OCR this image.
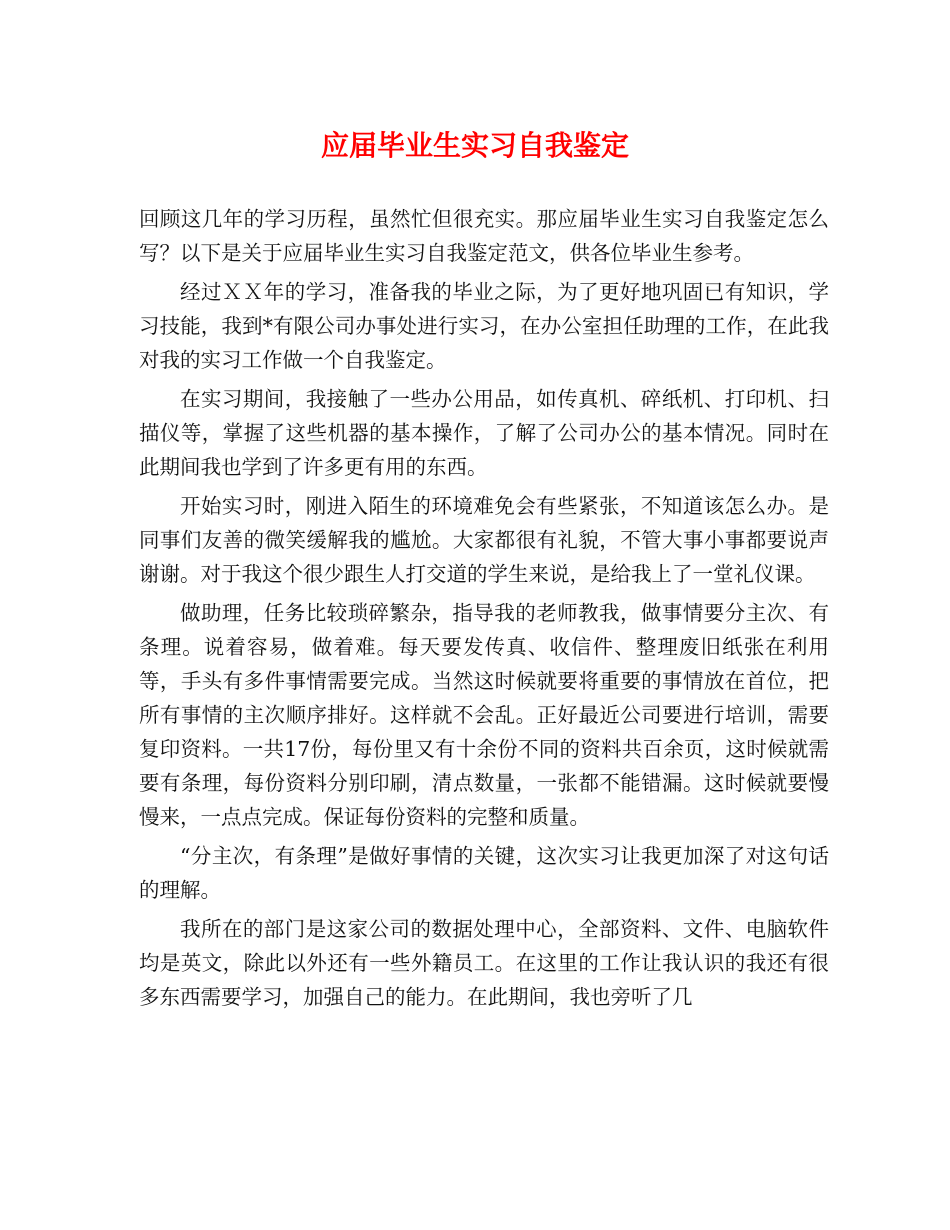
应届毕业生实习自我鉴定

回顾这几年的学习历程，虽然忙但很充实。那应届毕业生实习自我鉴定怎么写？以下是关于应届毕业生实习自我鉴定范文，供各位毕业生参考。

经过ＸＸ年的学习，准备我的毕业之际，为了更好地巩固已有知识，学习技能，我到*有限公司办事处进行实习，在办公室担任助理的工作，在此我对我的实习工作做一个自我鉴定。

在实习期间，我接触了一些办公用品，如传真机、碎纸机、打印机、扫描仪等，掌握了这些机器的基本操作，了解了公司办公的基本情况。同时在此期间我也学到了许多更有用的东西。

开始实习时，刚进入陌生的环境难免会有些紧张，不知道该怎么办。是同事们友善的微笑缓解我的尴尬。大家都很有礼貌，不管大事小事都要说声谢谢。对于我这个很少跟生人打交道的学生来说，是给我上了一堂礼仪课。

做助理，任务比较琐碎繁杂，指导我的老师教我，做事情要分主次、有条理。说着容易，做着难。每天要发传真、收信件、整理废旧纸张在利用等，手头有多件事情需要完成。当然这时候就要将重要的事情放在首位，把所有事情的主次顺序排好。这样就不会乱。正好最近公司要进行培训，需要复印资料。一共17份，每份里又有十余份不同的资料共百余页，这时候就需要有条理，每份资料分别印刷，清点数量，一张都不能错漏。这时候就要慢慢来，一点点完成。保证每份资料的完整和质量。

“分主次，有条理”是做好事情的关键，这次实习让我更加深了对这句话的理解。

我所在的部门是这家公司的数据处理中心，全部资料、文件、电脑软件均是英文，除此以外还有一些外籍员工。在这里的工作让我认识的我还有很多东西需要学习，加强自己的能力。在此期间，我也旁听了几
